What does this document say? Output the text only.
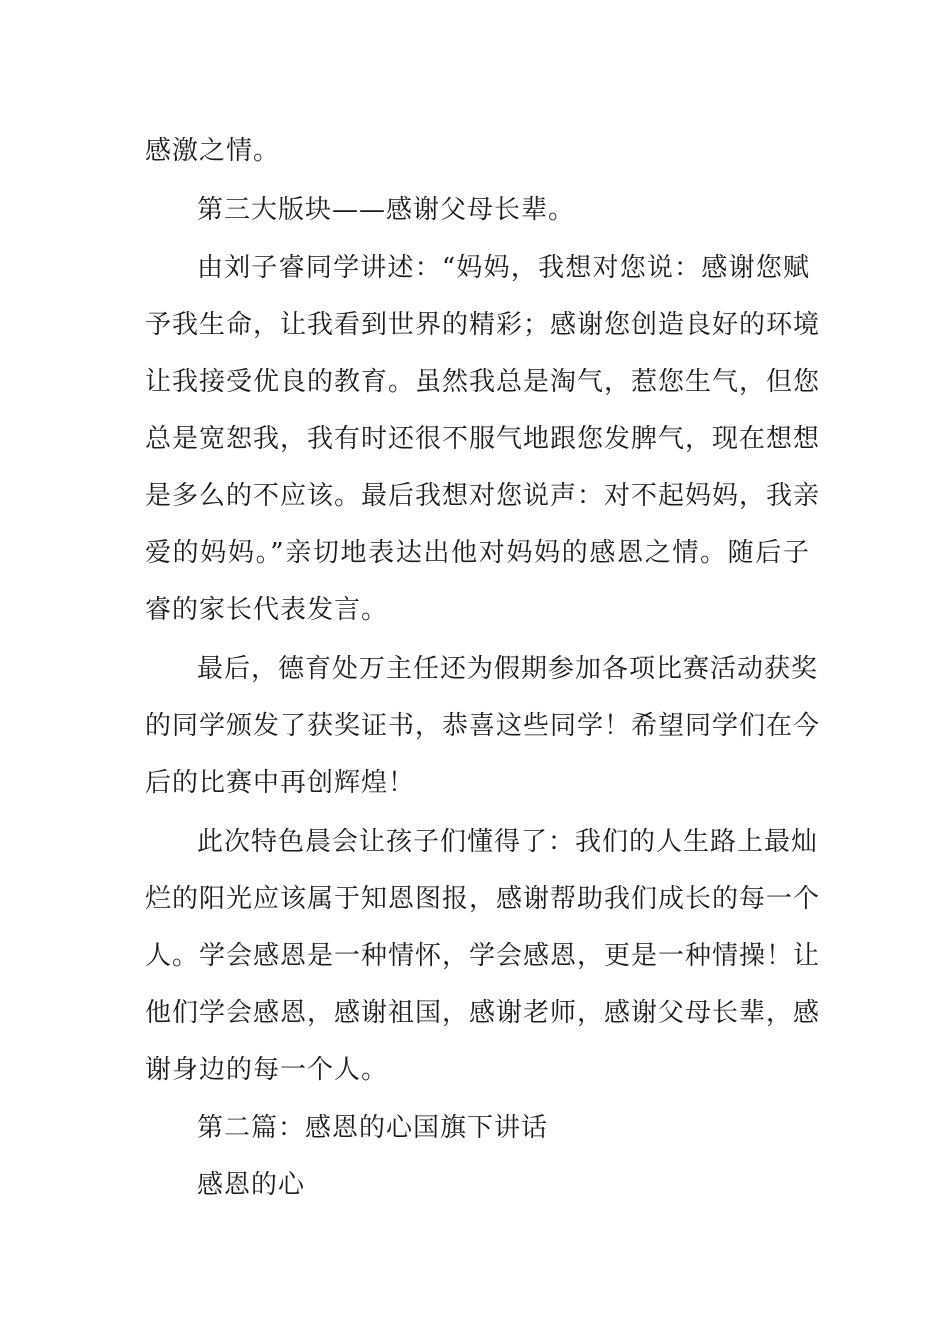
感激之情。
第三大版块——感谢父母长辈。
由刘子睿同学讲述：“妈妈，我想对您说：感谢您赋
予我生命，让我看到世界的精彩；感谢您创造良好的环境
让我接受优良的教育。虽然我总是淘气，惹您生气，但您
总是宽恕我，我有时还很不服气地跟您发脾气，现在想想
是多么的不应该。最后我想对您说声：对不起妈妈，我亲
爱的妈妈。”亲切地表达出他对妈妈的感恩之情。随后子
睿的家长代表发言。
最后，德育处万主任还为假期参加各项比赛活动获奖
的同学颁发了获奖证书，恭喜这些同学！希望同学们在今
后的比赛中再创辉煌！
此次特色晨会让孩子们懂得了：我们的人生路上最灿
烂的阳光应该属于知恩图报，感谢帮助我们成长的每一个
人。学会感恩是一种情怀，学会感恩，更是一种情操！让
他们学会感恩，感谢祖国，感谢老师，感谢父母长辈，感
谢身边的每一个人。
第二篇：感恩的心国旗下讲话
感恩的心
